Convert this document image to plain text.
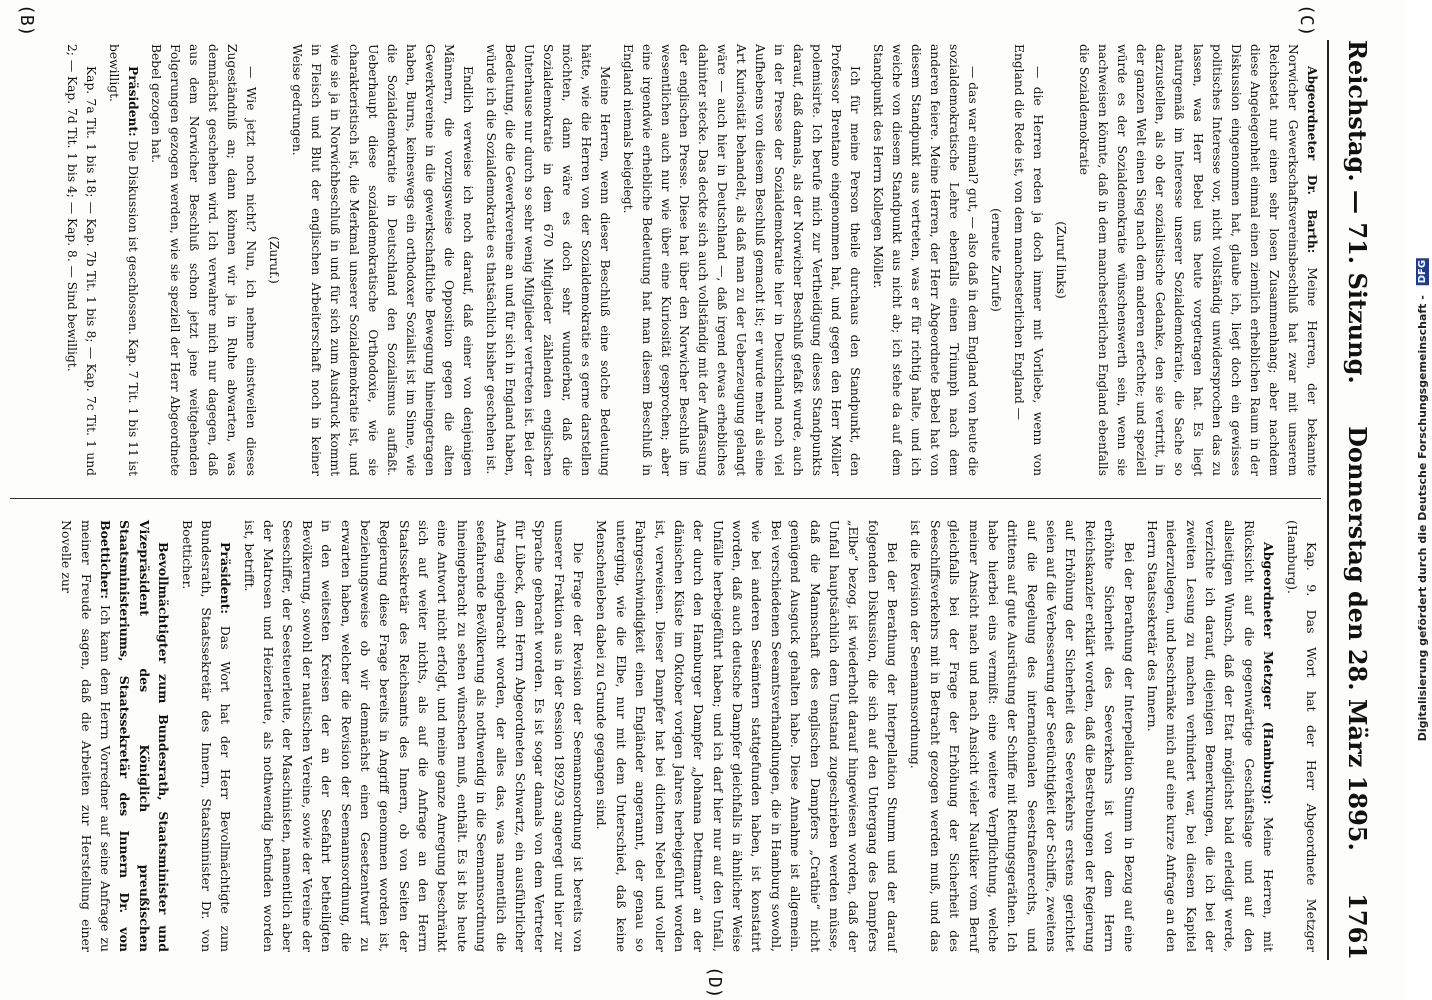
Reichstag. — 71. Sitzung.
Donnerstag den 28. März 1895.
1761
(C)
(B)
(D)

Abgeordneter Dr. Barth: Meine Herren, der bekannte Norwicher Gewerkschaftsvereinsbeschluß hat zwar mit unserem Reichsetat nur einen sehr losen Zusammenhang; aber nachdem diese Angelegenheit einmal einen ziemlich erheblichen Raum in der Diskussion eingenommen hat, glaube ich, liegt doch ein gewisses politisches Interesse vor, nicht vollständig unwidersprochen das zu lassen, was Herr Bebel uns heute vorgetragen hat. Es liegt naturgemäß im Interesse unserer Sozialdemokratie, die Sache so darzustellen, als ob der sozialistische Gedanke, den sie vertritt, in der ganzen Welt einen Sieg nach dem anderen erfechte; und speziell würde es der Sozialdemokratie wünschenswerth sein, wenn sie nachweisen könnte, daß in dem manchesterlichen England ebenfalls die Sozialdemokratie

(Zuruf links)

— die Herren reden ja doch immer mit Vorliebe, wenn von England die Rede ist, von dem manchesterlichen England —

(erneute Zurufe)

— das war einmal? gut, — also daß in dem England von heute die sozialdemokratische Lehre ebenfalls einen Triumph nach dem anderen feiere. Meine Herren, der Herr Abgeordnete Bebel hat von diesem Standpunkt aus vertreten, was er für richtig halte, und ich weiche von diesem Standpunkt aus nicht ab; ich stehe da auf dem Standpunkt des Herrn Kollegen Möller.

Ich für meine Person theile durchaus den Standpunkt, den Professor Brentano eingenommen hat, und gegen den Herr Möller polemisirte. Ich berufe mich zur Vertheidigung dieses Standpunkts darauf, daß damals, als der Norwicher Beschluß gefaßt wurde, auch in der Presse der Sozialdemokratie hier in Deutschland noch viel Aufhebens von diesem Beschluß gemacht ist; er wurde mehr als eine Art Kuriosität behandelt, als daß man zu der Ueberzeugung gelangt wäre — auch hier in Deutschland —, daß irgend etwas erhebliches dahinter stecke. Das deckte sich auch vollständig mit der Auffassung der englischen Presse. Diese hat über den Norwicher Beschluß im wesentlichen auch nur wie über eine Kuriosität gesprochen; aber eine irgendwie erhebliche Bedeutung hat man diesem Beschluß in England niemals beigelegt.

Meine Herren, wenn dieser Beschluß eine solche Bedeutung hätte, wie die Herren von der Sozialdemokratie es gerne darstellen möchten, dann wäre es doch sehr wunderbar, daß die Sozialdemokratie in dem 670 Mitglieder zählenden englischen Unterhause nur durch so sehr wenig Mitglieder vertreten ist. Bei der Bedeutung, die die Gewerkvereine an und für sich in England haben, würde ich die Sozialdemokratie es thatsächlich bisher geschehen ist.

Endlich verweise ich noch darauf, daß einer von denjenigen Männern, die vorzugsweise die Opposition gegen die alten Gewerkvereine in die gewerkschaftliche Bewegung hineingetragen haben, Burns, keineswegs ein orthodoxer Sozialist ist im Sinne, wie die Sozialdemokratie in Deutschland den Sozialismus auffaßt. Ueberhaupt diese sozialdemokratische Orthodoxie, wie sie charakteristisch ist, die Merkmal unserer Sozialdemokratie ist, und wie sie ja in Norwichbeschluß in und für sich zum Ausdruck kommt in Fleisch und Blut der englischen Arbeiterschaft noch in keiner Weise gedrungen.

(Zuruf.)

— Wie jetzt noch nicht? Nun, ich nehme einstweilen dieses Zugeständniß an; dann können wir ja in Ruhe abwarten, was demnächst geschehen wird. Ich verwahre mich nur dagegen, daß aus dem Norwicher Beschluß schon jetzt jene weitgehenden Folgerungen gezogen werden, wie sie speziell der Herr Abgeordnete Bebel gezogen hat.

Präsident: Die Diskussion ist geschlossen. Kap. 7 Tit. 1 bis 11 ist bewilligt.

Kap. 7a Tit. 1 bis 18; — Kap. 7b Tit. 1 bis 8; — Kap. 7c Tit. 1 und 2; — Kap. 7d Tit. 1 bis 4; — Kap. 8. — Sind bewilligt.

Kap. 9. Das Wort hat der Herr Abgeordnete Metzger (Hamburg).

Abgeordneter Metzger (Hamburg): Meine Herren, mit Rücksicht auf die gegenwärtige Geschäftslage und auf den allseitigen Wunsch, daß der Etat möglichst bald erledigt werde, verzichte ich darauf, diejenigen Bemerkungen, die ich bei der zweiten Lesung zu machen verhindert war, bei diesem Kapitel niederzulegen, und beschränke mich auf eine kurze Anfrage an den Herrn Staatssekretär des Innern.

Bei der Berathung der Interpellation Stumm in Bezug auf eine erhöhte Sicherheit des Seeverkehrs ist von dem Herrn Reichskanzler erklärt worden, daß die Bestrebungen der Regierung auf Erhöhung der Sicherheit des Seeverkehrs erstens gerichtet seien auf die Verbesserung der Seetüchtigkeit der Schiffe, zweitens auf die Regelung des internationalen Seestraßenrechts, und drittens auf gute Ausrüstung der Schiffe mit Rettungsgeräthen. Ich habe hierbei eins vermißt: eine weitere Verpflichtung, welche meiner Ansicht nach und nach Ansicht vieler Nautiker vom Beruf gleichfalls bei der Frage der Erhöhung der Sicherheit des Seeschiffsverkehrs mit in Betracht gezogen werden muß, und das ist die Revision der Seemannsordnung.

Bei der Berathung der Interpellation Stumm und der darauf folgenden Diskussion, die sich auf den Untergang des Dampfers „Elbe“ bezog, ist wiederholt darauf hingewiesen worden, daß der Unfall hauptsächlich dem Umstand zugeschrieben werden müsse, daß die Mannschaft des englischen Dampfers „Crathie“ nicht genügend Ausguck gehalten habe. Diese Annahme ist allgemein. Bei verschiedenen Seeamtsverhandlungen, die in Hamburg sowohl, wie bei anderen Seeämtern stattgefunden haben, ist konstatirt worden, daß auch deutsche Dampfer gleichfalls in ähnlicher Weise Unfälle herbeigeführt haben; und ich darf hier nur auf den Unfall, der durch den Hamburger Dampfer „Johanna Dettmann“ an der dänischen Küste im Oktober vorigen Jahres herbeigeführt worden ist, verweisen. Dieser Dampfer hat bei dichtem Nebel und voller Fahrgeschwindigkeit einen Engländer angerannt, der genau so unterging, wie die Elbe, nur mit dem Unterschied, daß keine Menschenleben dabei zu Grunde gegangen sind.

Die Frage der Revision der Seemannsordnung ist bereits von unserer Fraktion aus in der Session 1892/93 angeregt und hier zur Sprache gebracht worden. Es ist sogar damals von dem Vertreter für Lübeck, dem Herrn Abgeordneten Schwartz, ein ausführlicher Antrag eingebracht worden, der alles das, was namentlich die seefahrende Bevölkerung als nothwendig in die Seemannsordnung hineingebracht zu sehen wünschen muß, enthält. Es ist bis heute eine Antwort nicht erfolgt, und meine ganze Anregung beschränkt sich auf weiter nichts, als auf die Anfrage an den Herrn Staatssekretär des Reichsamts des Innern, ob von Seiten der Regierung diese Frage bereits in Angriff genommen worden ist, beziehungsweise ob wir demnächst einen Gesetzentwurf zu erwarten haben, welcher die Revision der Seemannsordnung, die in den weitesten Kreisen der an der Seefahrt betheiligten Bevölkerung, sowohl der nautischen Vereine, sowie der Vereine der Seeschiffer, der Seesteuerleute, der Maschinisten, namentlich aber der Matrosen und Heizerleute, als nothwendig befunden worden ist, betrifft.

Präsident: Das Wort hat der Herr Bevollmächtigte zum Bundesrath, Staatssekretär des Innern, Staatsminister Dr. von Boetticher.

Bevollmächtigter zum Bundesrath, Staatsminister und Vizepräsident des Königlich preußischen Staatsministeriums, Staatssekretär des Innern Dr. von Boetticher: Ich kann dem Herrn Vorredner auf seine Anfrage zu meiner Freude sagen, daß die Arbeiten zur Herstellung einer Novelle zur	Digitalisierung gefördert durch die Deutsche Forschungsgemeinschaft - DFG
